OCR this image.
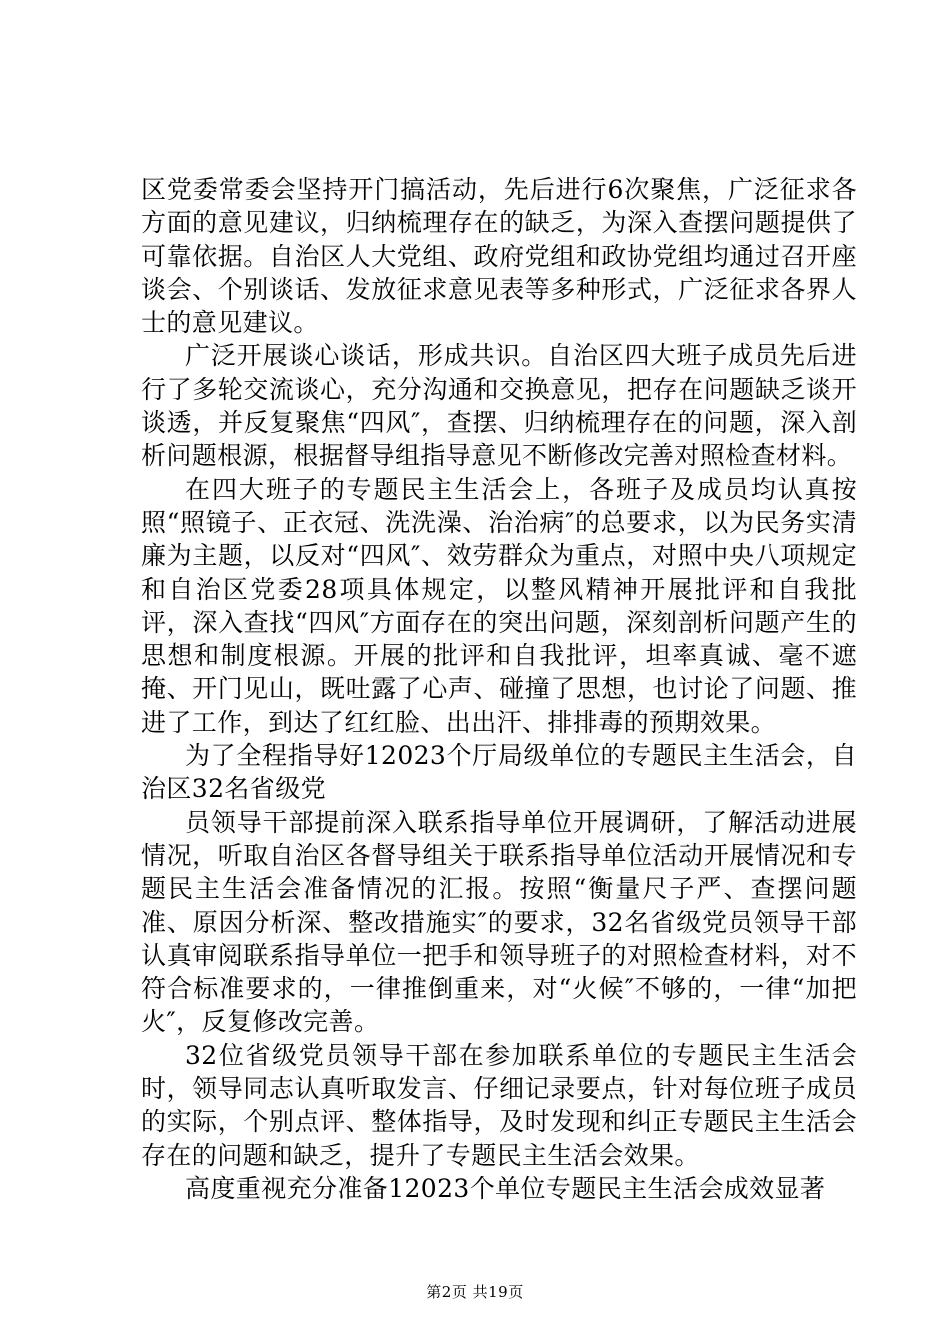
区党委常委会坚持开门搞活动，先后进行6次聚焦，广泛征求各方面的意见建议，归纳梳理存在的缺乏，为深入查摆问题提供了可靠依据。自治区人大党组、政府党组和政协党组均通过召开座谈会、个别谈话、发放征求意见表等多种形式，广泛征求各界人士的意见建议。

广泛开展谈心谈话，形成共识。自治区四大班子成员先后进行了多轮交流谈心，充分沟通和交换意见，把存在问题缺乏谈开谈透，并反复聚焦“四风″，查摆、归纳梳理存在的问题，深入剖析问题根源，根据督导组指导意见不断修改完善对照检查材料。

在四大班子的专题民主生活会上，各班子及成员均认真按照“照镜子、正衣冠、洗洗澡、治治病″的总要求，以为民务实清廉为主题，以反对“四风″、效劳群众为重点，对照中央八项规定和自治区党委28项具体规定，以整风精神开展批评和自我批评，深入查找“四风″方面存在的突出问题，深刻剖析问题产生的思想和制度根源。开展的批评和自我批评，坦率真诚、毫不遮掩、开门见山，既吐露了心声、碰撞了思想，也讨论了问题、推进了工作，到达了红红脸、出出汗、排排毒的预期效果。

为了全程指导好12023个厅局级单位的专题民主生活会，自治区32名省级党

员领导干部提前深入联系指导单位开展调研，了解活动进展情况，听取自治区各督导组关于联系指导单位活动开展情况和专题民主生活会准备情况的汇报。按照“衡量尺子严、查摆问题准、原因分析深、整改措施实″的要求，32名省级党员领导干部认真审阅联系指导单位一把手和领导班子的对照检查材料，对不符合标准要求的，一律推倒重来，对“火候″不够的，一律“加把火″，反复修改完善。

32位省级党员领导干部在参加联系单位的专题民主生活会时，领导同志认真听取发言、仔细记录要点，针对每位班子成员的实际，个别点评、整体指导，及时发现和纠正专题民主生活会存在的问题和缺乏，提升了专题民主生活会效果。

高度重视充分准备12023个单位专题民主生活会成效显著

第2页 共19页
